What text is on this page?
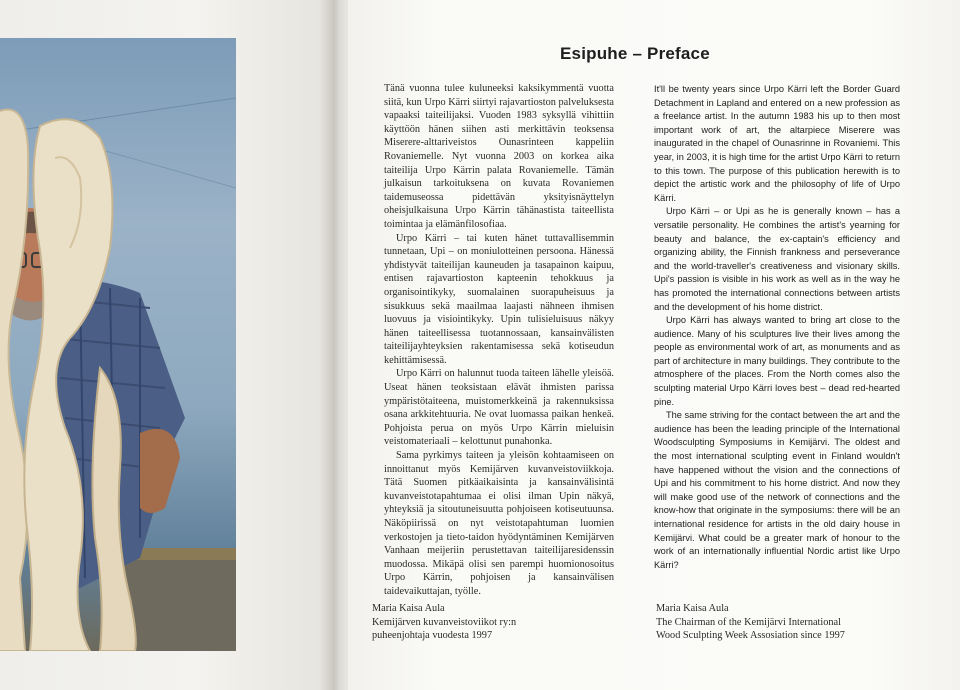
Esipuhe – Preface

Tänä vuonna tulee kuluneeksi kaksikymmentä vuotta siitä, kun Urpo Kärri siirtyi rajavartioston palveluksesta vapaaksi taiteilijaksi. Vuoden 1983 syksyllä vihittiin käyttöön hänen siihen asti merkittävin teoksensa Miserere-alttariveistos Ounasrinteen kappeliin Rovaniemelle. Nyt vuonna 2003 on korkea aika taiteilija Urpo Kärrin palata Rovaniemelle. Tämän julkaisun tarkoituksena on kuvata Rovaniemen taidemuseossa pidettävän yksityisnäyttelyn oheisjulkaisuna Urpo Kärrin tähänastista taiteellista toimintaa ja elämänfilosofiaa.

Urpo Kärri – tai kuten hänet tuttavallisemmin tunnetaan, Upi – on moniulotteinen persoona. Hänessä yhdistyvät taiteilijan kauneuden ja tasapainon kaipuu, entisen rajavartioston kapteenin tehokkuus ja organisointikyky, suomalainen suorapuheisuus ja sisukkuus sekä maailmaa laajasti nähneen ihmisen luovuus ja visiointikyky. Upin tulisieluisuus näkyy hänen taiteellisessa tuotannossaan, kansainvälisten taiteilijayhteyksien rakentamisessa sekä kotiseudun kehittämisessä.

Urpo Kärri on halunnut tuoda taiteen lähelle yleisöä. Useat hänen teoksistaan elävät ihmisten parissa ympäristötaiteena, muistomerkkeinä ja rakennuksissa osana arkkitehtuuria. Ne ovat luomassa paikan henkeä. Pohjoista perua on myös Urpo Kärrin mieluisin veistomateriaali – kelottunut punahonka.

Sama pyrkimys taiteen ja yleisön kohtaamiseen on innoittanut myös Kemijärven kuvanveistoviikkoja. Tätä Suomen pitkäaikaisinta ja kansainvälisintä kuvanveistotapahtumaa ei olisi ilman Upin näkyä, yhteyksiä ja sitoutuneisuutta pohjoiseen kotiseutuunsa. Näköpiirissä on nyt veistotapahtuman luomien verkostojen ja tieto-taidon hyödyntäminen Kemijärven Vanhaan meijeriin perustettavan taiteilijaresidenssin muodossa. Mikäpä olisi sen parempi huomionosoitus Urpo Kärrin, pohjoisen ja kansainvälisen taidevaikuttajan, työlle.

It'll be twenty years since Urpo Kärri left the Border Guard Detachment in Lapland and entered on a new profession as a freelance artist. In the autumn 1983 his up to then most important work of art, the altarpiece Miserere was inaugurated in the chapel of Ounasrinne in Rovaniemi. This year, in 2003, it is high time for the artist Urpo Kärri to return to this town. The purpose of this publication herewith is to depict the artistic work and the philosophy of life of Urpo Kärri.

Urpo Kärri – or Upi as he is generally known – has a versatile personality. He combines the artist's yearning for beauty and balance, the ex-captain's efficiency and organizing ability, the Finnish frankness and perseverance and the world-traveller's creativeness and visionary skills. Upi's passion is visible in his work as well as in the way he has promoted the international connections between artists and the development of his home district.

Urpo Kärri has always wanted to bring art close to the audience. Many of his sculptures live their lives among the people as environmental work of art, as monuments and as part of architecture in many buildings. They contribute to the atmosphere of the places. From the North comes also the sculpting material Urpo Kärri loves best – dead red-hearted pine.

The same striving for the contact between the art and the audience has been the leading principle of the International Woodsculpting Symposiums in Kemijärvi. The oldest and the most international sculpting event in Finland wouldn't have happened without the vision and the connections of Upi and his commitment to his home district. And now they will make good use of the network of connections and the know-how that originate in the symposiums: there will be an international residence for artists in the old dairy house in Kemijärvi. What could be a greater mark of honour to the work of an internationally influential Nordic artist like Urpo Kärri?

Maria Kaisa Aula
Kemijärven kuvanveistoviikot ry:n
puheenjohtaja vuodesta 1997
Maria Kaisa Aula
The Chairman of the Kemijärvi International
Wood Sculpting Week Assosiation since 1997
